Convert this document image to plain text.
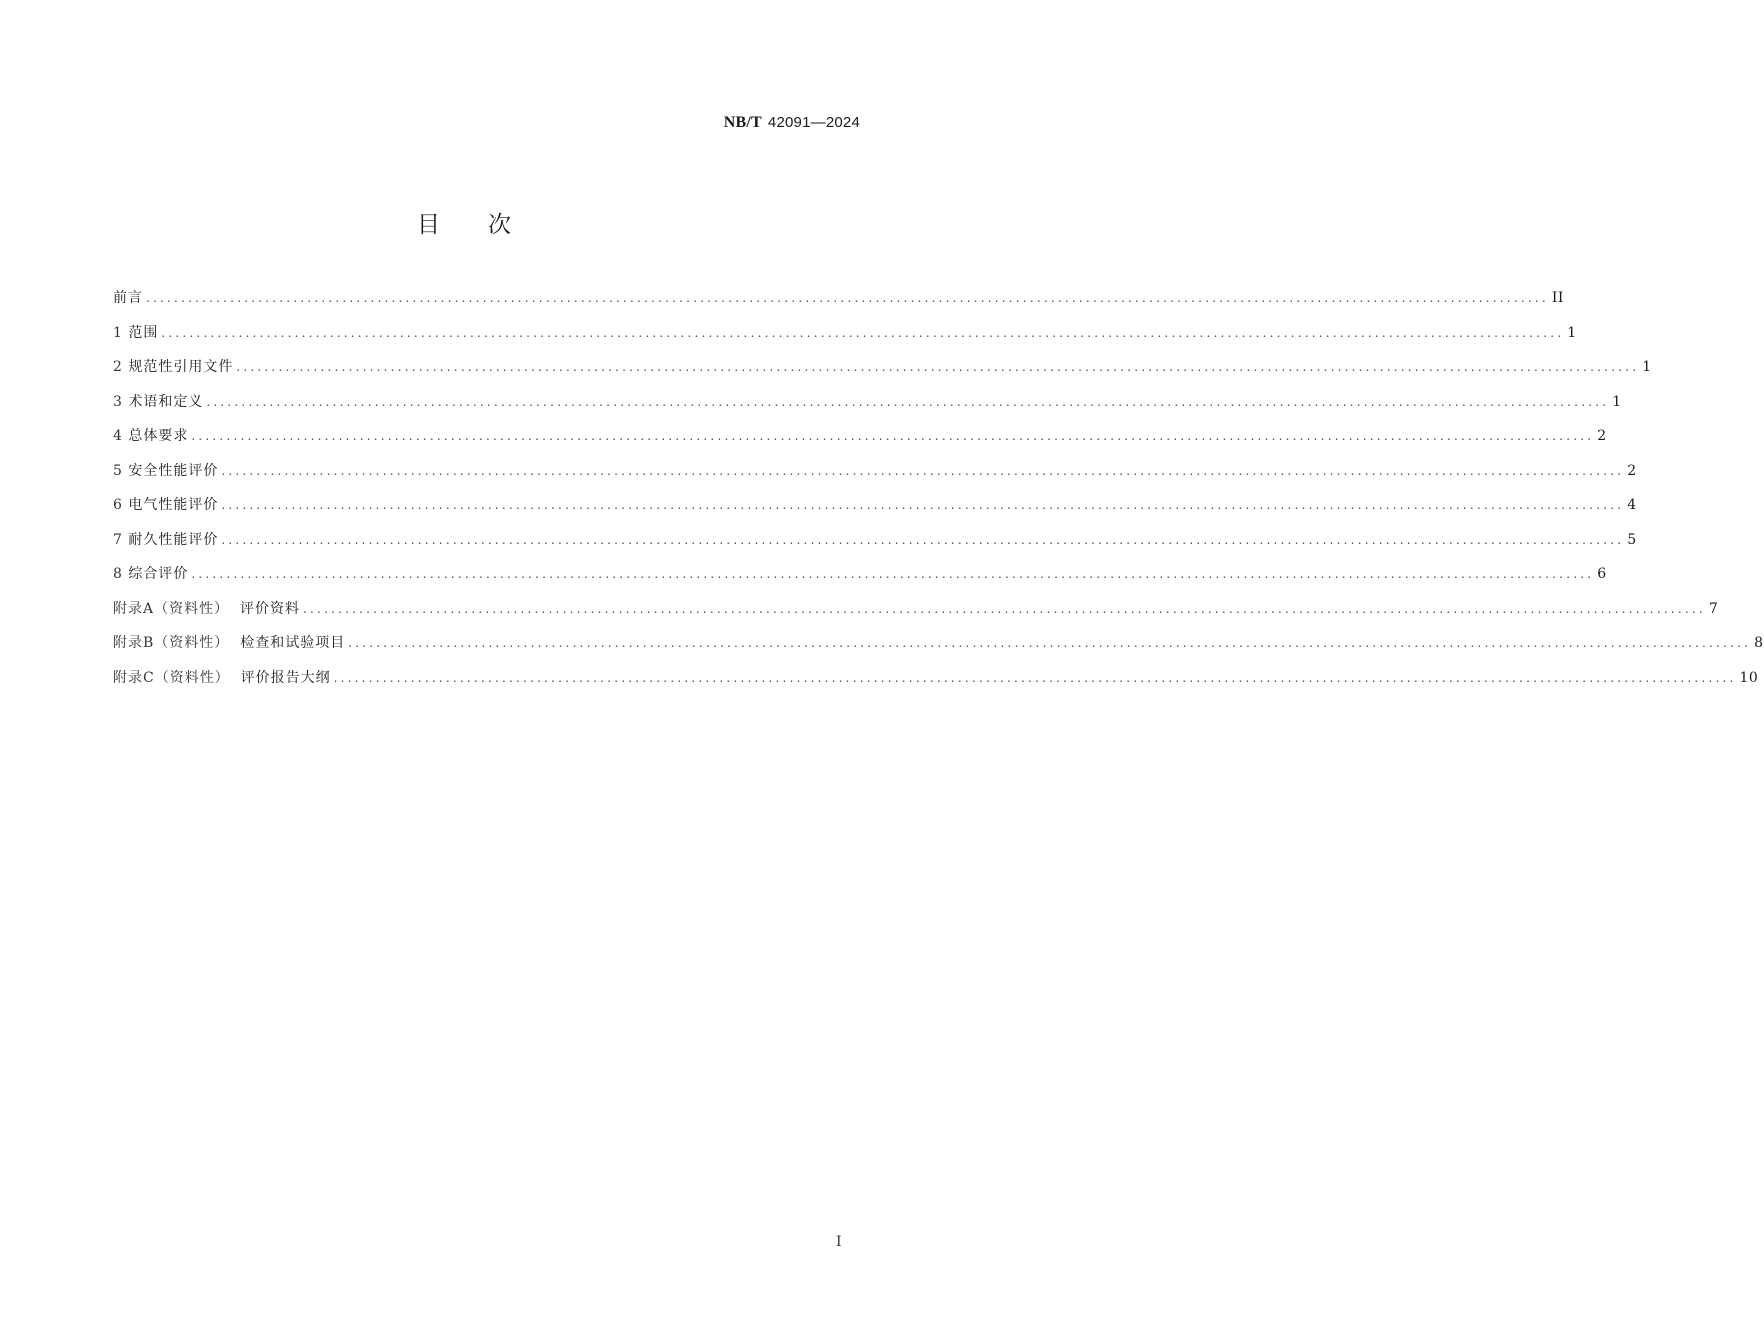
NB/T 42091—2024
目次
前言 ........................................................................................................................................................................................................ II
1 范围 ........................................................................................................................................................................................................ 1
2 规范性引用文件 ........................................................................................................................................................................................................ 1
3 术语和定义 ........................................................................................................................................................................................................ 1
4 总体要求 ........................................................................................................................................................................................................ 2
5 安全性能评价 ........................................................................................................................................................................................................ 2
6 电气性能评价 ........................................................................................................................................................................................................ 4
7 耐久性能评价 ........................................................................................................................................................................................................ 5
8 综合评价 ........................................................................................................................................................................................................ 6
附录A（资料性）
评价资料 ........................................................................................................................................................................................................ 7
附录B（资料性）
检查和试验项目 ........................................................................................................................................................................................................ 8
附录C（资料性）
评价报告大纲 ........................................................................................................................................................................................................ 10
I
